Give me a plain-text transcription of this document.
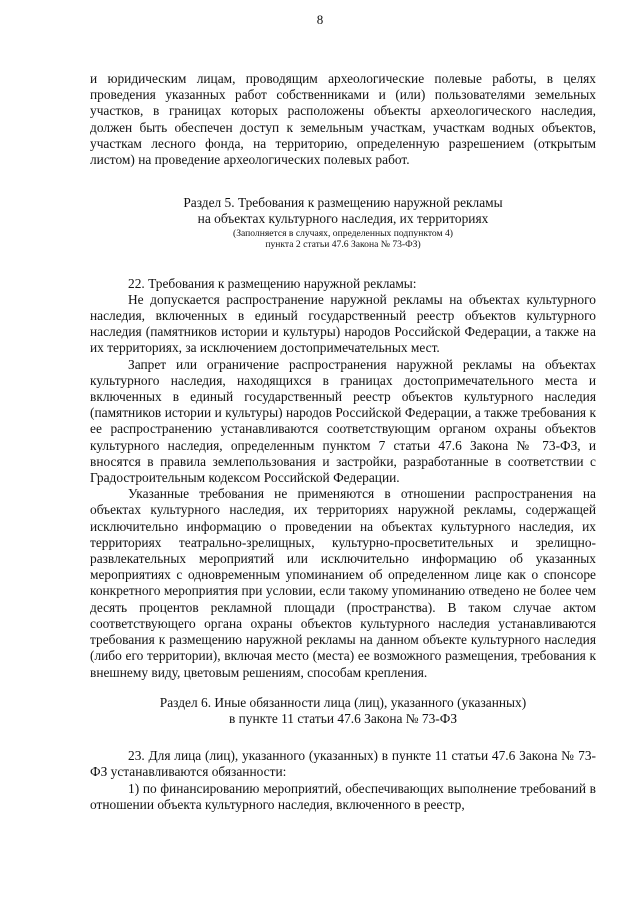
8

и юридическим лицам, проводящим археологические полевые работы, в целях проведения указанных работ собственниками и (или) пользователями земельных участков, в границах которых расположены объекты археологического наследия, должен быть обеспечен доступ к земельным участкам, участкам водных объектов, участкам лесного фонда, на территорию, определенную разрешением (открытым листом) на проведение археологических полевых работ.

Раздел 5. Требования к размещению наружной рекламы

на объектах культурного наследия, их территориях

(Заполняется в случаях, определенных подпунктом 4)

пункта 2 статьи 47.6 Закона № 73-ФЗ)

22. Требования к размещению наружной рекламы:

Не допускается распространение наружной рекламы на объектах культурного наследия, включенных в единый государственный реестр объектов культурного наследия (памятников истории и культуры) народов Российской Федерации, а также на их территориях, за исключением достопримечательных мест.

Запрет или ограничение распространения наружной рекламы на объектах культурного наследия, находящихся в границах достопримечательного места и включенных в единый государственный реестр объектов культурного наследия (памятников истории и культуры) народов Российской Федерации, а также требования к ее распространению устанавливаются соответствующим органом охраны объектов культурного наследия, определенным пунктом 7 статьи 47.6 Закона № 73-ФЗ, и вносятся в правила землепользования и застройки, разработанные в соответствии с Градостроительным кодексом Российской Федерации.

Указанные требования не применяются в отношении распространения на объектах культурного наследия, их территориях наружной рекламы, содержащей исключительно информацию о проведении на объектах культурного наследия, их территориях театрально-зрелищных, культурно-просветительных и зрелищно-развлекательных мероприятий или исключительно информацию об указанных мероприятиях с одновременным упоминанием об определенном лице как о спонсоре конкретного мероприятия при условии, если такому упоминанию отведено не более чем десять процентов рекламной площади (пространства). В таком случае актом соответствующего органа охраны объектов культурного наследия устанавливаются требования к размещению наружной рекламы на данном объекте культурного наследия (либо его территории), включая место (места) ее возможного размещения, требования к внешнему виду, цветовым решениям, способам крепления.

Раздел 6. Иные обязанности лица (лиц), указанного (указанных)

в пункте 11 статьи 47.6 Закона № 73-ФЗ

23. Для лица (лиц), указанного (указанных) в пункте 11 статьи 47.6 Закона № 73-ФЗ устанавливаются обязанности:

1) по финансированию мероприятий, обеспечивающих выполнение требований в отношении объекта культурного наследия, включенного в реестр,
